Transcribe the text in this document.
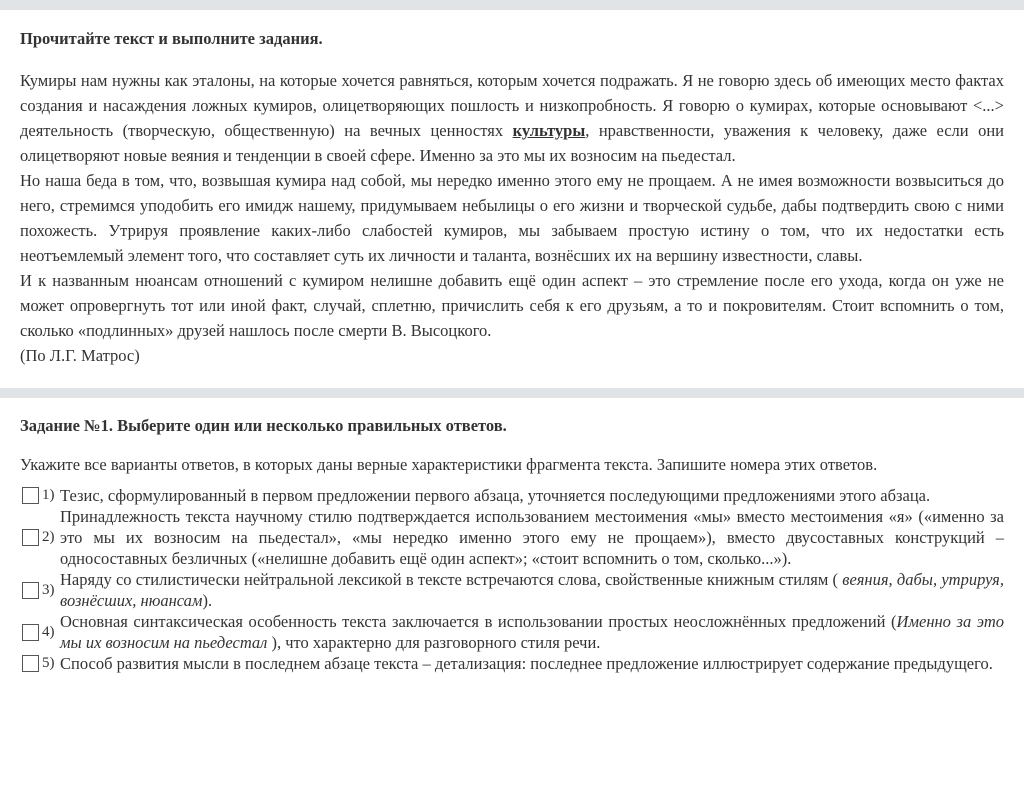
Прочитайте текст и выполните задания.

Кумиры нам нужны как эталоны, на которые хочется равняться, которым хочется подражать. Я не говорю здесь об имеющих место фактах создания и насаждения ложных кумиров, олицетворяющих пошлость и низкопробность. Я говорю о кумирах, которые основывают <...> деятельность (творческую, общественную) на вечных ценностях культуры, нравственности, уважения к человеку, даже если они олицетворяют новые веяния и тенденции в своей сфере. Именно за это мы их возносим на пьедестал.

Но наша беда в том, что, возвышая кумира над собой, мы нередко именно этого ему не прощаем. А не имея возможности возвыситься до него, стремимся уподобить его имидж нашему, придумываем небылицы о его жизни и творческой судьбе, дабы подтвердить свою с ними похожесть. Утрируя проявление каких-либо слабостей кумиров, мы забываем простую истину о том, что их недостатки есть неотъемлемый элемент того, что составляет суть их личности и таланта, вознёсших их на вершину известности, славы.

И к названным нюансам отношений с кумиром нелишне добавить ещё один аспект – это стремление после его ухода, когда он уже не может опровергнуть тот или иной факт, случай, сплетню, причислить себя к его друзьям, а то и покровителям. Стоит вспомнить о том, сколько «подлинных» друзей нашлось после смерти В. Высоцкого.

(По Л.Г. Матрос)

Задание №1. Выберите один или несколько правильных ответов.
Укажите все варианты ответов, в которых даны верные характеристики фрагмента текста. Запишите номера этих ответов.
1) Тезис, сформулированный в первом предложении первого абзаца, уточняется последующими предложениями этого абзаца.
2)
Принадлежность текста научному стилю подтверждается использованием местоимения «мы» вместо местоимения «я» («именно за это мы их возносим на пьедестал», «мы нередко именно этого ему не прощаем»), вместо двусоставных конструкций – односоставных безличных («нелишне добавить ещё один аспект»; «стоит вспомнить о том, сколько...»).
3)
Наряду со стилистически нейтральной лексикой в тексте встречаются слова, свойственные книжным стилям ( веяния, дабы, утрируя, вознёсших, нюансам).
4)
Основная синтаксическая особенность текста заключается в использовании простых неосложнённых предложений (Именно за это мы их возносим на пьедестал ), что характерно для разговорного стиля речи.
5) Способ развития мысли в последнем абзаце текста – детализация: последнее предложение иллюстрирует содержание предыдущего.
